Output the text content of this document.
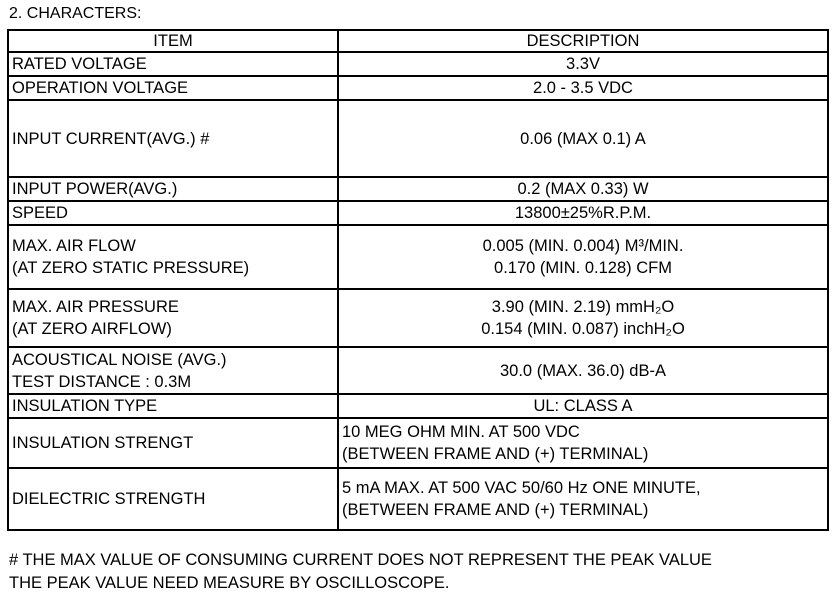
2. CHARACTERS:
ITEM	DESCRIPTION

RATED VOLTAGE	3.3V

OPERATION VOLTAGE	2.0 - 3.5 VDC

INPUT CURRENT(AVG.) #	0.06 (MAX 0.1) A

INPUT POWER(AVG.)	0.2 (MAX 0.33) W

SPEED	13800±25%R.P.M.

MAX. AIR FLOW
(AT ZERO STATIC PRESSURE)	0.005 (MIN. 0.004) M³/MIN.
0.170 (MIN. 0.128) CFM

MAX. AIR PRESSURE
(AT ZERO AIRFLOW)	3.90 (MIN. 2.19) mmH₂O
0.154 (MIN. 0.087) inchH₂O

ACOUSTICAL NOISE (AVG.)
TEST DISTANCE : 0.3M	30.0 (MAX. 36.0) dB-A

INSULATION TYPE	UL: CLASS A

INSULATION STRENGT	10 MEG OHM MIN. AT 500 VDC
(BETWEEN FRAME AND (+) TERMINAL)

DIELECTRIC STRENGTH	5 mA MAX. AT 500 VAC 50/60 Hz ONE MINUTE,
(BETWEEN FRAME AND (+) TERMINAL)
# THE MAX VALUE OF CONSUMING CURRENT DOES NOT REPRESENT THE PEAK VALUE
THE PEAK VALUE NEED MEASURE BY OSCILLOSCOPE.
